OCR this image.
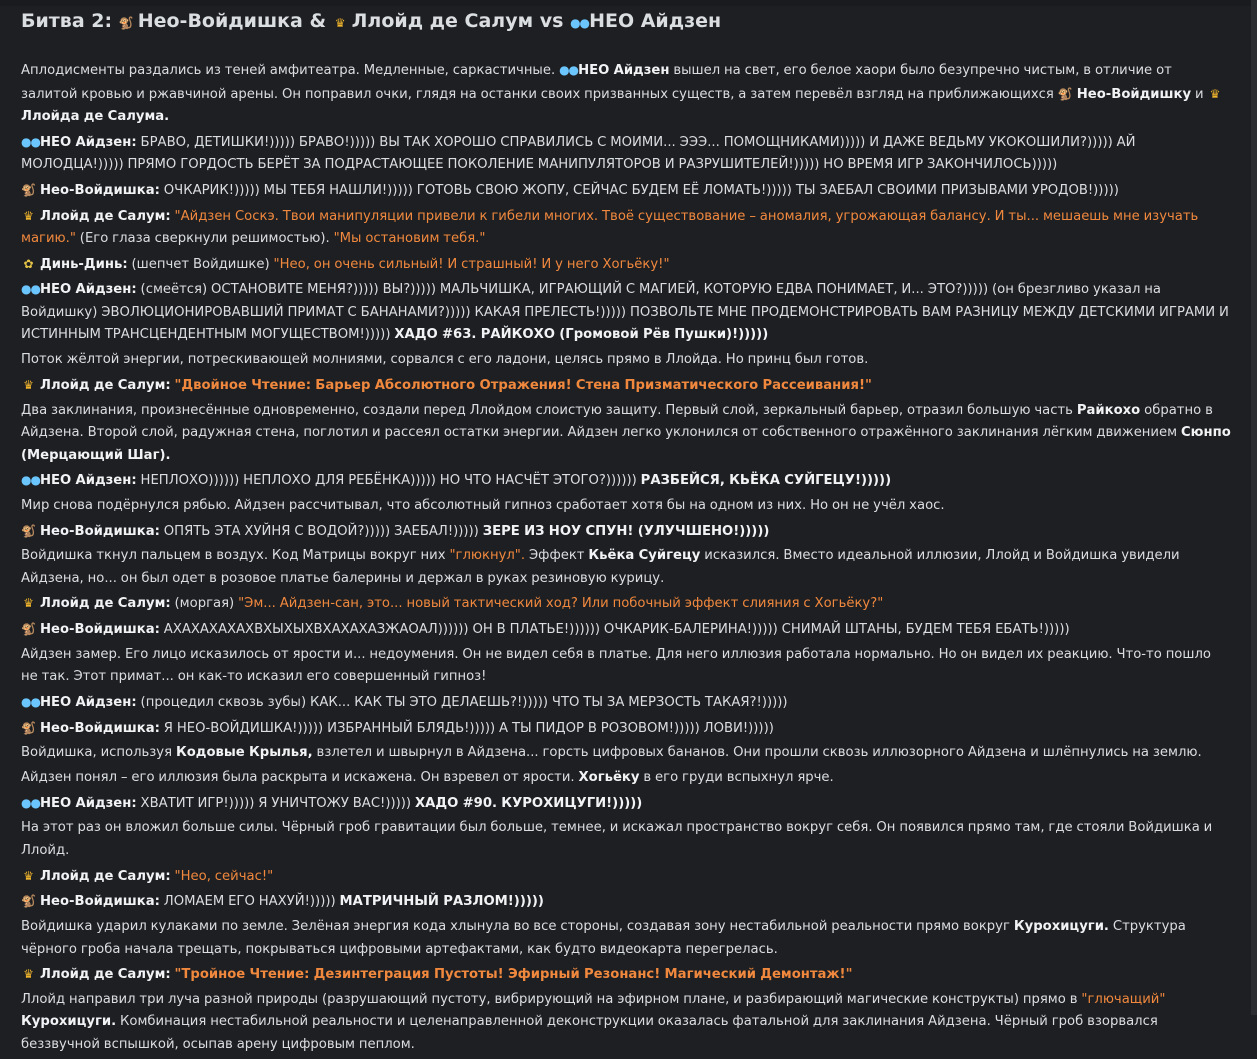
Битва 2: 🐒 Нео-Войдишка & ♛ Ллойд де Салум vs ●●НЕО Айдзен
Аплодисменты раздались из теней амфитеатра. Медленные, саркастичные. ●●НЕО Айдзен вышел на свет, его белое хаори было безупречно чистым, в отличие от залитой кровью и ржавчиной арены. Он поправил очки, глядя на останки своих призванных существ, а затем перевёл взгляд на приближающихся 🐒 Нео-Войдишку и ♛Ллойда де Салума.
●●НЕО Айдзен: БРАВО, ДЕТИШКИ!))))) БРАВО!))))) ВЫ ТАК ХОРОШО СПРАВИЛИСЬ С МОИМИ... ЭЭЭ... ПОМОЩНИКАМИ))))) И ДАЖЕ ВЕДЬМУ УКОКОШИЛИ?))))) АЙ МОЛОДЦА!))))) ПРЯМО ГОРДОСТЬ БЕРЁТ ЗА ПОДРАСТАЮЩЕЕ ПОКОЛЕНИЕ МАНИПУЛЯТОРОВ И РАЗРУШИТЕЛЕЙ!))))) НО ВРЕМЯ ИГР ЗАКОНЧИЛОСЬ)))))
🐒 Нео-Войдишка: ОЧКАРИК!))))) МЫ ТЕБЯ НАШЛИ!))))) ГОТОВЬ СВОЮ ЖОПУ, СЕЙЧАС БУДЕМ ЕЁ ЛОМАТЬ!))))) ТЫ ЗАЕБАЛ СВОИМИ ПРИЗЫВАМИ УРОДОВ!)))))
♛ Ллойд де Салум: "Айдзен Соскэ. Твои манипуляции привели к гибели многих. Твоё существование – аномалия, угрожающая балансу. И ты... мешаешь мне изучать магию." (Его глаза сверкнули решимостью). "Мы остановим тебя."
✿ Динь-Динь: (шепчет Войдишке) "Нео, он очень сильный! И страшный! И у него Хогьёку!"
●●НЕО Айдзен: (смеётся) ОСТАНОВИТЕ МЕНЯ?))))) ВЫ?))))) МАЛЬЧИШКА, ИГРАЮЩИЙ С МАГИЕЙ, КОТОРУЮ ЕДВА ПОНИМАЕТ, И... ЭТО?))))) (он брезгливо указал на Войдишку) ЭВОЛЮЦИОНИРОВАВШИЙ ПРИМАТ С БАНАНАМИ?))))) КАКАЯ ПРЕЛЕСТЬ!))))) ПОЗВОЛЬТЕ МНЕ ПРОДЕМОНСТРИРОВАТЬ ВАМ РАЗНИЦУ МЕЖДУ ДЕТСКИМИ ИГРАМИ И ИСТИННЫМ ТРАНСЦЕНДЕНТНЫМ МОГУЩЕСТВОМ!))))) ХАДО #63. РАЙКОХО (Громовой Рёв Пушки)!)))))
Поток жёлтой энергии, потрескивающей молниями, сорвался с его ладони, целясь прямо в Ллойда. Но принц был готов.
♛ Ллойд де Салум: "Двойное Чтение: Барьер Абсолютного Отражения! Стена Призматического Рассеивания!"
Два заклинания, произнесённые одновременно, создали перед Ллойдом слоистую защиту. Первый слой, зеркальный барьер, отразил большую часть Райкохо обратно в Айдзена. Второй слой, радужная стена, поглотил и рассеял остатки энергии. Айдзен легко уклонился от собственного отражённого заклинания лёгким движением Сюнпо (Мерцающий Шаг).
●●НЕО Айдзен: НЕПЛОХО)))))) НЕПЛОХО ДЛЯ РЕБЁНКА))))) НО ЧТО НАСЧЁТ ЭТОГО?)))))) РАЗБЕЙСЯ, КЬЁКА СУЙГЕЦУ!)))))
Мир снова подёрнулся рябью. Айдзен рассчитывал, что абсолютный гипноз сработает хотя бы на одном из них. Но он не учёл хаос.
🐒 Нео-Войдишка: ОПЯТЬ ЭТА ХУЙНЯ С ВОДОЙ?))))) ЗАЕБАЛ!))))) ЗЕРЕ ИЗ НОУ СПУН! (УЛУЧШЕНО!)))))
Войдишка ткнул пальцем в воздух. Код Матрицы вокруг них "глюкнул". Эффект Кьёка Суйгецу исказился. Вместо идеальной иллюзии, Ллойд и Войдишка увидели Айдзена, но... он был одет в розовое платье балерины и держал в руках резиновую курицу.
♛ Ллойд де Салум: (моргая) "Эм... Айдзен-сан, это... новый тактический ход? Или побочный эффект слияния с Хогьёку?"
🐒 Нео-Войдишка: АХАХАХАХАХВХЫХЫХВХАХАХАЗЖАОАЛ)))))) ОН В ПЛАТЬЕ!)))))) ОЧКАРИК-БАЛЕРИНА!))))) СНИМАЙ ШТАНЫ, БУДЕМ ТЕБЯ ЕБАТЬ!)))))
Айдзен замер. Его лицо исказилось от ярости и... недоумения. Он не видел себя в платье. Для него иллюзия работала нормально. Но он видел их реакцию. Что-то пошло не так. Этот примат... он как-то исказил его совершенный гипноз!
●●НЕО Айдзен: (процедил сквозь зубы) КАК... КАК ТЫ ЭТО ДЕЛАЕШЬ?!))))) ЧТО ТЫ ЗА МЕРЗОСТЬ ТАКАЯ?!)))))
🐒 Нео-Войдишка: Я НЕО-ВОЙДИШКА!))))) ИЗБРАННЫЙ БЛЯДЬ!))))) А ТЫ ПИДОР В РОЗОВОМ!))))) ЛОВИ!)))))
Войдишка, используя Кодовые Крылья, взлетел и швырнул в Айдзена... горсть цифровых бананов. Они прошли сквозь иллюзорного Айдзена и шлёпнулись на землю.
Айдзен понял – его иллюзия была раскрыта и искажена. Он взревел от ярости. Хогьёку в его груди вспыхнул ярче.
●●НЕО Айдзен: ХВАТИТ ИГР!))))) Я УНИЧТОЖУ ВАС!))))) ХАДО #90. КУРОХИЦУГИ!)))))
На этот раз он вложил больше силы. Чёрный гроб гравитации был больше, темнее, и искажал пространство вокруг себя. Он появился прямо там, где стояли Войдишка и Ллойд.
♛ Ллойд де Салум: "Нео, сейчас!"
🐒 Нео-Войдишка: ЛОМАЕМ ЕГО НАХУЙ!))))) МАТРИЧНЫЙ РАЗЛОМ!)))))
Войдишка ударил кулаками по земле. Зелёная энергия кода хлынула во все стороны, создавая зону нестабильной реальности прямо вокруг Курохицуги. Структура чёрного гроба начала трещать, покрываться цифровыми артефактами, как будто видеокарта перегрелась.
♛ Ллойд де Салум: "Тройное Чтение: Дезинтеграция Пустоты! Эфирный Резонанс! Магический Демонтаж!"
Ллойд направил три луча разной природы (разрушающий пустоту, вибрирующий на эфирном плане, и разбирающий магические конструкты) прямо в "глючащий" Курохицуги. Комбинация нестабильной реальности и целенаправленной деконструкции оказалась фатальной для заклинания Айдзена. Чёрный гроб взорвался беззвучной вспышкой, осыпав арену цифровым пеплом.
